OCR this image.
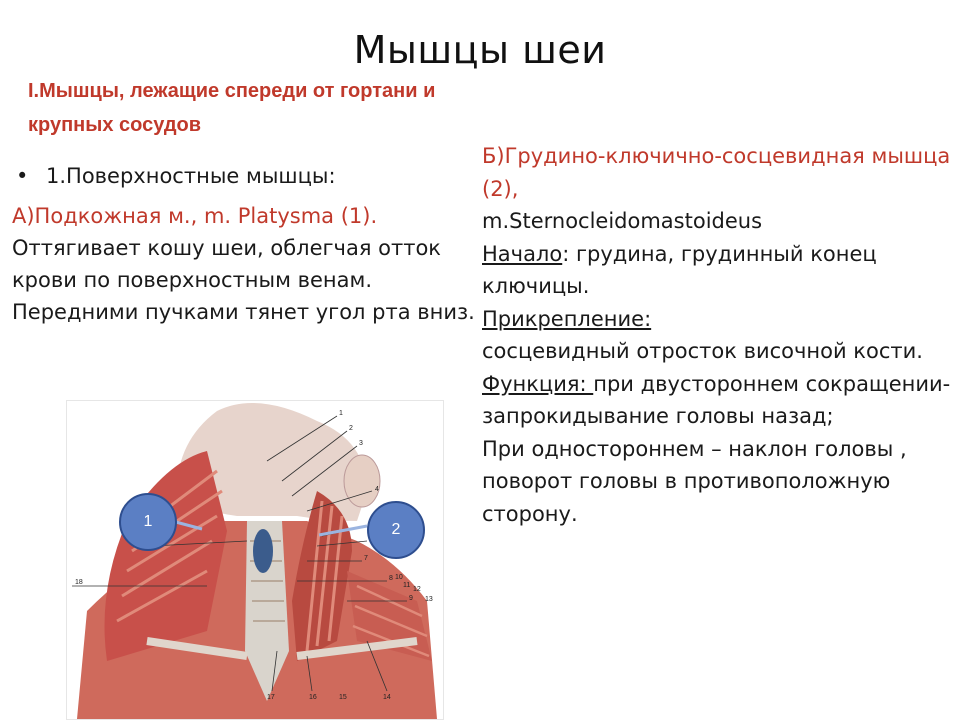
Мышцы шеи
I.Мышцы, лежащие спереди от гортани и крупных сосудов
• 1.Поверхностные мышцы:
А)Подкожная м., m. Platysma (1).
Оттягивает кошу шеи, облегчая отток крови по поверхностным венам. Передними пучками тянет угол рта вниз.
Б)Грудино-ключично-сосцевидная мышца (2),
m.Sternocleidomastoideus
Начало: грудина, грудинный конец ключицы.
Прикрепление:
сосцевидный отросток височной кости.
Функция: при двустороннем сокращении-запрокидывание головы назад;
При одностороннем – наклон головы , поворот головы в противоположную сторону.
1
2
3
4
7
8
9
10
11
12
13
14
15
16
17
18
1	2
